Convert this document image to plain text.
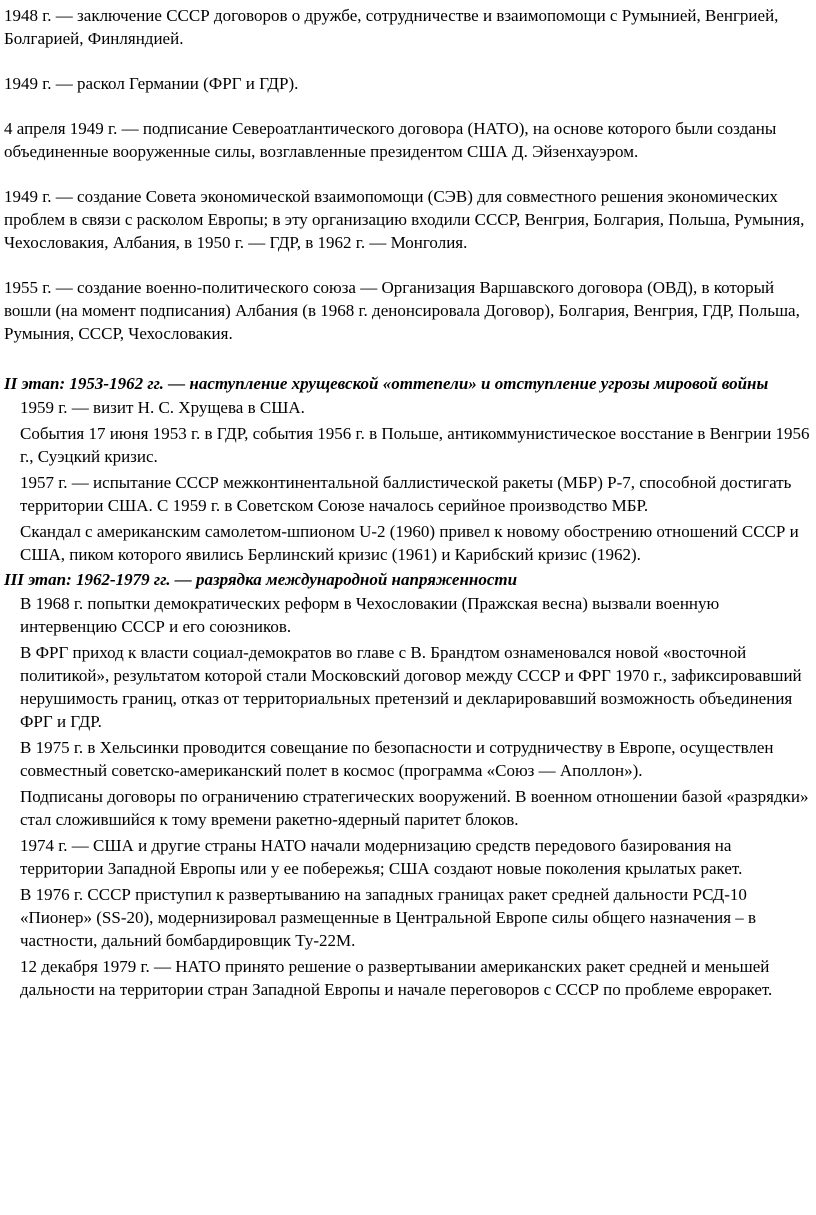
1948 г. — заключение СССР договоров о дружбе, сотрудничестве и взаимопомощи с Румынией, Венгрией, Болгарией, Финляндией.

1949 г. — раскол Германии (ФРГ и ГДР).

4 апреля 1949 г. — подписание Североатлантического договора (НАТО), на основе которого были созданы объединенные вооруженные силы, возглавленные президентом США Д. Эйзенхауэром.

1949 г. — создание Совета экономической взаимопомощи (СЭВ) для совместного решения экономических проблем в связи с расколом Европы; в эту организацию входили СССР, Венгрия, Болгария, Польша, Румыния, Чехословакия, Албания, в 1950 г. — ГДР, в 1962 г. — Монголия.

1955 г. — создание военно-политического союза — Организация Варшавского договора (ОВД), в который вошли (на момент подписания) Албания (в 1968 г. денонсировала Договор), Болгария, Венгрия, ГДР, Польша, Румыния, СССР, Чехословакия.

II этап: 1953-1962 гг. — наступление хрущевской «оттепели» и отступление угрозы мировой войны

1959 г. — визит Н. С. Хрущева в США.

События 17 июня 1953 г. в ГДР, события 1956 г. в Польше, антикоммунистическое восстание в Венгрии 1956 г., Суэцкий кризис.

1957 г. — испытание СССР межконтинентальной баллистической ракеты (МБР) Р-7, способной достигать территории США. С 1959 г. в Советском Союзе началось серийное производство МБР.

Скандал с американским самолетом-шпионом U-2 (1960) привел к новому обострению отношений СССР и США, пиком которого явились Берлинский кризис (1961) и Карибский кризис (1962).

III этап: 1962-1979 гг. — разрядка международной напряженности

В 1968 г. попытки демократических реформ в Чехословакии (Пражская весна) вызвали военную интервенцию СССР и его союзников.

В ФРГ приход к власти социал-демократов во главе с В. Брандтом ознаменовался новой «восточной политикой», результатом которой стали Московский договор между СССР и ФРГ 1970 г., зафиксировавший нерушимость границ, отказ от территориальных претензий и декларировавший возможность объединения ФРГ и ГДР.

В 1975 г. в Хельсинки проводится совещание по безопасности и сотрудничеству в Европе, осуществлен совместный советско-американский полет в космос (программа «Союз — Аполлон»).

Подписаны договоры по ограничению стратегических вооружений. В военном отношении базой «разрядки» стал сложившийся к тому времени ракетно-ядерный паритет блоков.

1974 г. — США и другие страны НАТО начали модернизацию средств передового базирования на территории Западной Европы или у ее побережья; США создают новые поколения крылатых ракет.

В 1976 г. СССР приступил к развертыванию на западных границах ракет средней дальности РСД-10 «Пионер» (SS-20), модернизировал размещенные в Центральной Европе силы общего назначения – в частности, дальний бомбардировщик Ту-22М.

12 декабря 1979 г. — НАТО принято решение о развертывании американских ракет средней и меньшей дальности на территории стран Западной Европы и начале переговоров с СССР по проблеме евроракет.
